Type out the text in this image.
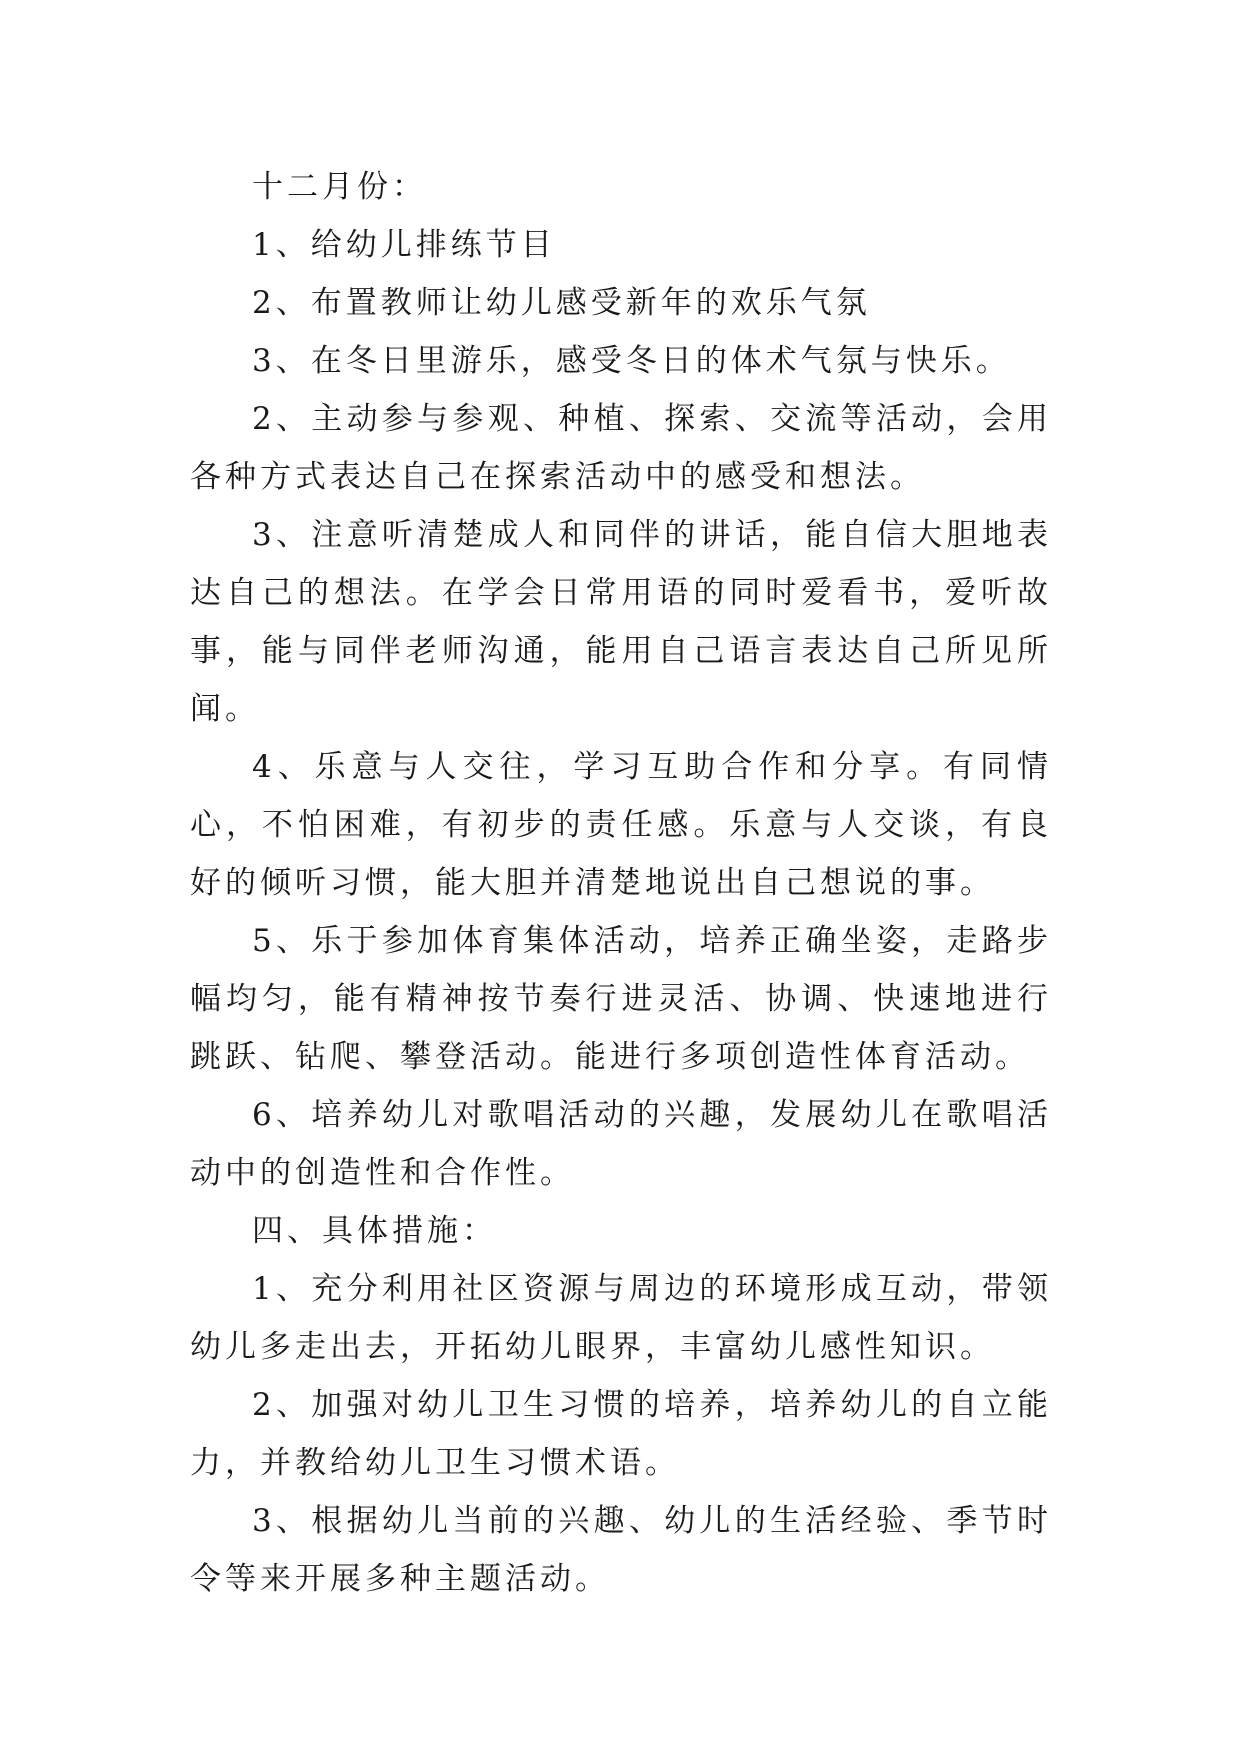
十二月份：

1、给幼儿排练节目

2、布置教师让幼儿感受新年的欢乐气氛

3、在冬日里游乐，感受冬日的体术气氛与快乐。

2、主动参与参观、种植、探索、交流等活动，会用各种方式表达自己在探索活动中的感受和想法。

3、注意听清楚成人和同伴的讲话，能自信大胆地表达自己的想法。在学会日常用语的同时爱看书，爱听故事，能与同伴老师沟通，能用自己语言表达自己所见所闻。

4、乐意与人交往，学习互助合作和分享。有同情心，不怕困难，有初步的责任感。乐意与人交谈，有良好的倾听习惯，能大胆并清楚地说出自己想说的事。

5、乐于参加体育集体活动，培养正确坐姿，走路步幅均匀，能有精神按节奏行进灵活、协调、快速地进行跳跃、钻爬、攀登活动。能进行多项创造性体育活动。

6、培养幼儿对歌唱活动的兴趣，发展幼儿在歌唱活动中的创造性和合作性。

四、具体措施：

1、充分利用社区资源与周边的环境形成互动，带领幼儿多走出去，开拓幼儿眼界，丰富幼儿感性知识。

2、加强对幼儿卫生习惯的培养，培养幼儿的自立能力，并教给幼儿卫生习惯术语。

3、根据幼儿当前的兴趣、幼儿的生活经验、季节时令等来开展多种主题活动。
